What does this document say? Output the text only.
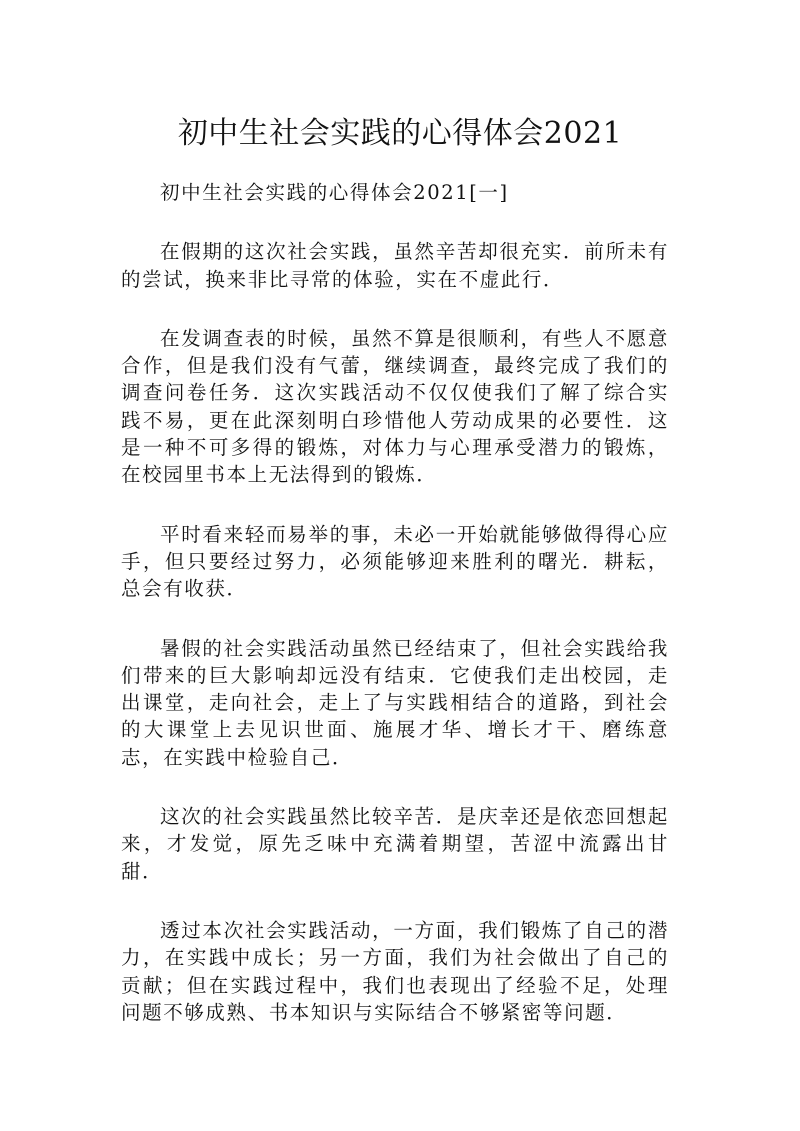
初中生社会实践的心得体会2021

初中生社会实践的心得体会2021[一]

在假期的这次社会实践，虽然辛苦却很充实．前所未有的尝试，换来非比寻常的体验，实在不虚此行．

在发调查表的时候，虽然不算是很顺利，有些人不愿意合作，但是我们没有气蕾，继续调查，最终完成了我们的调查问卷任务．这次实践活动不仅仅使我们了解了综合实践不易，更在此深刻明白珍惜他人劳动成果的必要性．这是一种不可多得的锻炼，对体力与心理承受潜力的锻炼，在校园里书本上无法得到的锻炼．

平时看来轻而易举的事，未必一开始就能够做得得心应手，但只要经过努力，必须能够迎来胜利的曙光．耕耘，总会有收获．

暑假的社会实践活动虽然已经结束了，但社会实践给我们带来的巨大影响却远没有结束．它使我们走出校园，走出课堂，走向社会，走上了与实践相结合的道路，到社会的大课堂上去见识世面、施展才华、增长才干、磨练意志，在实践中检验自己．

这次的社会实践虽然比较辛苦．是庆幸还是依恋回想起来，才发觉，原先乏味中充满着期望，苦涩中流露出甘甜．

透过本次社会实践活动，一方面，我们锻炼了自己的潜力，在实践中成长；另一方面，我们为社会做出了自己的贡献；但在实践过程中，我们也表现出了经验不足，处理问题不够成熟、书本知识与实际结合不够紧密等问题．
